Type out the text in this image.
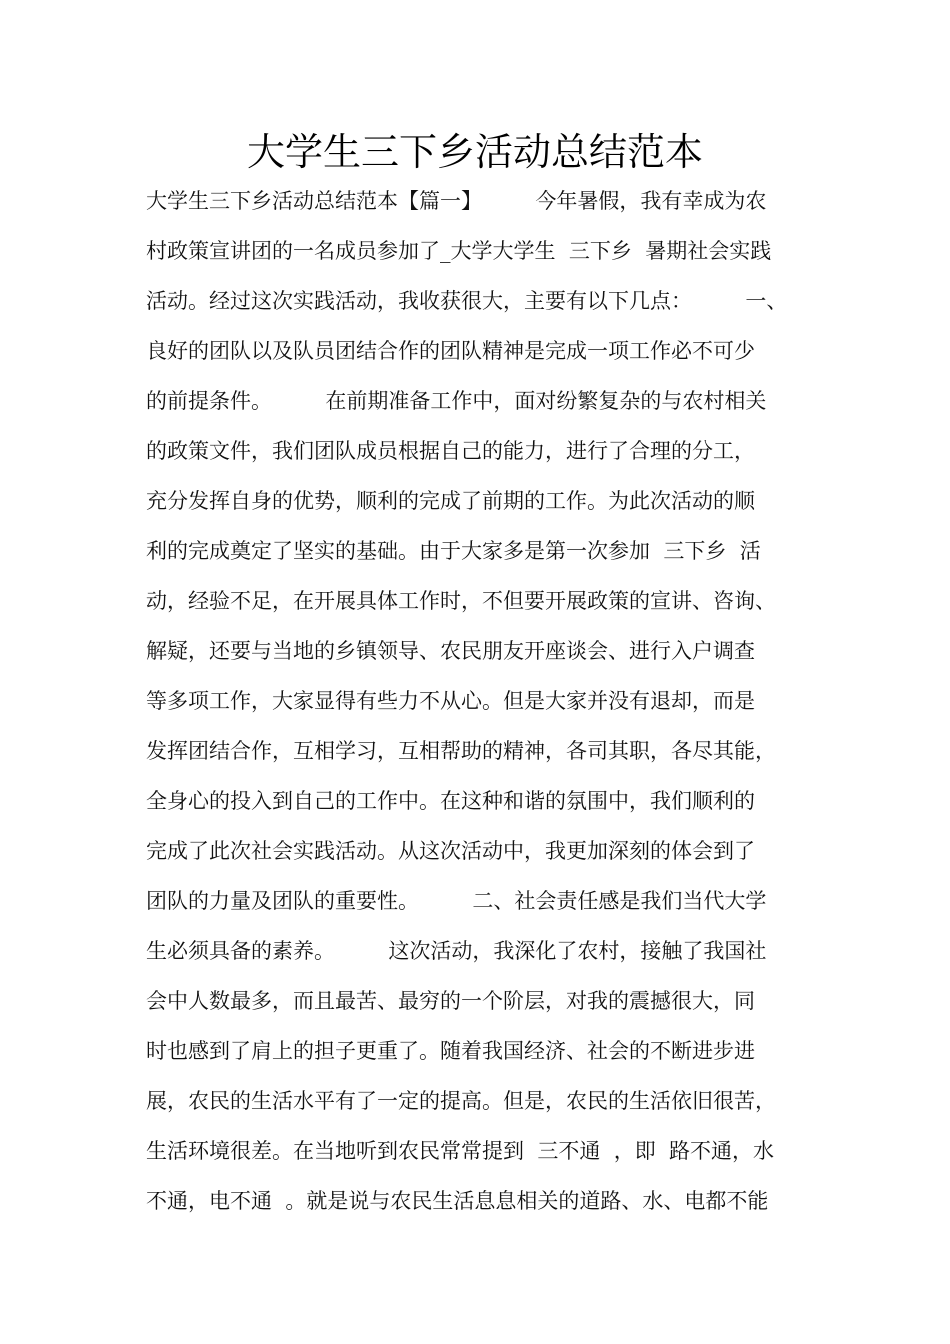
大学生三下乡活动总结范本
大学生三下乡活动总结范本【篇一】        今年暑假，我有幸成为农
村政策宣讲团的一名成员参加了_大学大学生  三下乡  暑期社会实践
活动。经过这次实践活动，我收获很大，主要有以下几点：        一、
良好的团队以及队员团结合作的团队精神是完成一项工作必不可少
的前提条件。        在前期准备工作中，面对纷繁复杂的与农村相关
的政策文件，我们团队成员根据自己的能力，进行了合理的分工，
充分发挥自身的优势，顺利的完成了前期的工作。为此次活动的顺
利的完成奠定了坚实的基础。由于大家多是第一次参加  三下乡  活
动，经验不足，在开展具体工作时，不但要开展政策的宣讲、咨询、
解疑，还要与当地的乡镇领导、农民朋友开座谈会、进行入户调查
等多项工作，大家显得有些力不从心。但是大家并没有退却，而是
发挥团结合作，互相学习，互相帮助的精神，各司其职，各尽其能，
全身心的投入到自己的工作中。在这种和谐的氛围中，我们顺利的
完成了此次社会实践活动。从这次活动中，我更加深刻的体会到了
团队的力量及团队的重要性。        二、社会责任感是我们当代大学
生必须具备的素养。        这次活动，我深化了农村，接触了我国社
会中人数最多，而且最苦、最穷的一个阶层，对我的震撼很大，同
时也感到了肩上的担子更重了。随着我国经济、社会的不断进步进
展，农民的生活水平有了一定的提高。但是，农民的生活依旧很苦，
生活环境很差。在当地听到农民常常提到  三不通  ，即  路不通，水
不通，电不通  。就是说与农民生活息息相关的道路、水、电都不能
